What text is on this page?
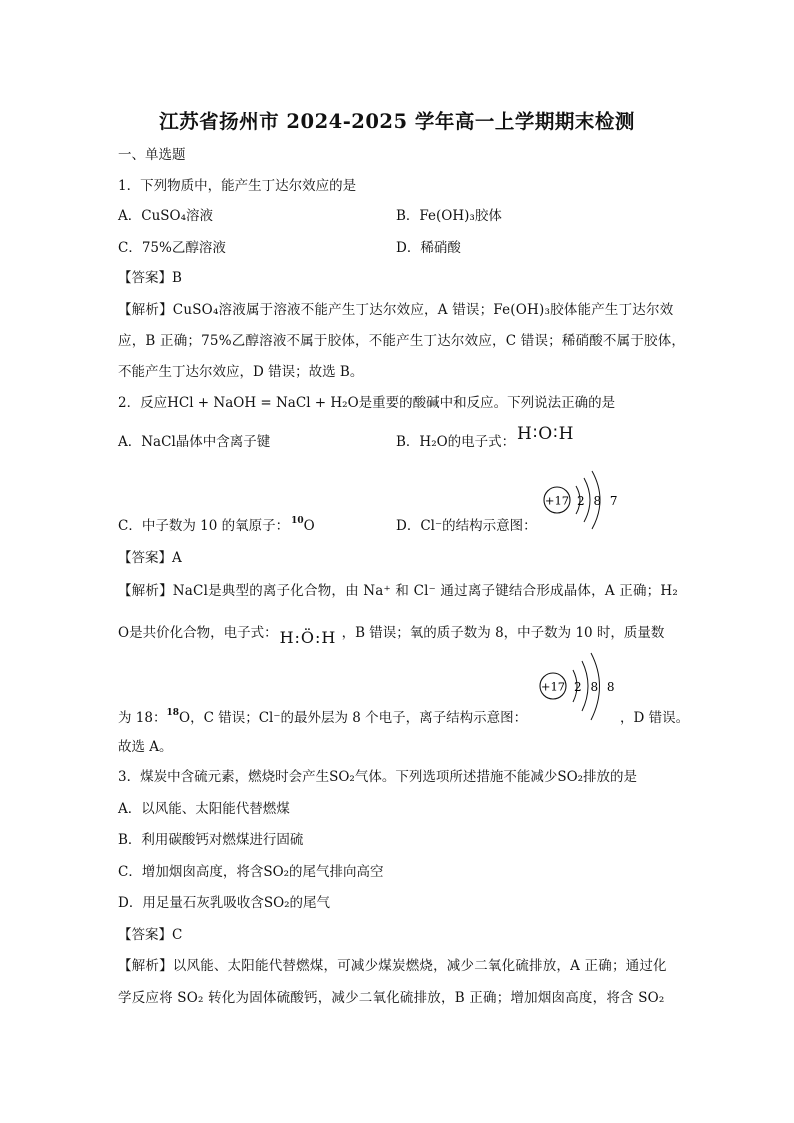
江苏省扬州市 2024-2025 学年高一上学期期末检测
一、单选题
1．下列物质中，能产生丁达尔效应的是
A．CuSO₄溶液	B．Fe(OH)₃胶体
C．75%乙醇溶液	D．稀硝酸
【答案】B
【解析】CuSO₄溶液属于溶液不能产生丁达尔效应，A 错误；Fe(OH)₃胶体能产生丁达尔效
应，B 正确；75%乙醇溶液不属于胶体，不能产生丁达尔效应，C 错误；稀硝酸不属于胶体，
不能产生丁达尔效应，D 错误；故选 B。
2．反应HCl + NaOH = NaCl + H₂O是重要的酸碱中和反应。下列说法正确的是
A．NaCl晶体中含离子键	B．H₂O的电子式： H∶O∶H
C．中子数为 10 的氧原子： $^{10}$O	D．Cl⁻的结构示意图：
+17 2 8 7
【答案】A
【解析】NaCl是典型的离子化合物，由 Na⁺ 和 Cl⁻ 通过离子键结合形成晶体，A 正确；H₂
O是共价化合物，电子式： H:Ö:H ，B 错误；氧的质子数为 8，中子数为 10 时，质量数
+17 2 8 8
为 18：$^{18}$O，C 错误；Cl⁻的最外层为 8 个电子，离子结构示意图：	，D 错误。
故选 A。
3．煤炭中含硫元素，燃烧时会产生SO₂气体。下列选项所述措施不能减少SO₂排放的是
A．以风能、太阳能代替燃煤
B．利用碳酸钙对燃煤进行固硫
C．增加烟囱高度，将含SO₂的尾气排向高空
D．用足量石灰乳吸收含SO₂的尾气
【答案】C
【解析】以风能、太阳能代替燃煤，可减少煤炭燃烧，减少二氧化硫排放，A 正确；通过化
学反应将 SO₂ 转化为固体硫酸钙，减少二氧化硫排放，B 正确；增加烟囱高度，将含 SO₂
